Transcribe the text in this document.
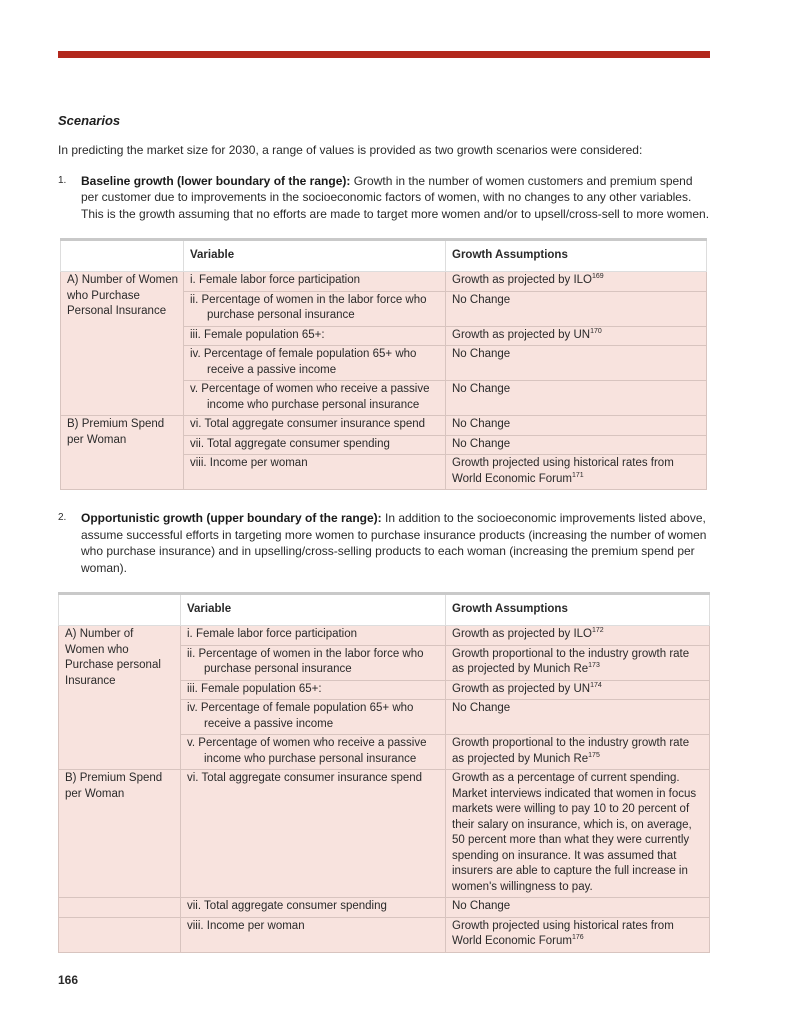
Scenarios
In predicting the market size for 2030, a range of values is provided as two growth scenarios were considered:
1. Baseline growth (lower boundary of the range): Growth in the number of women customers and premium spend per customer due to improvements in the socioeconomic factors of women, with no changes to any other variables. This is the growth assuming that no efforts are made to target more women and/or to upsell/cross-sell to more women.
	Variable	Growth Assumptions
A) Number of Women who Purchase Personal Insurance	i. Female labor force participation	Growth as projected by ILO$^{169}$

	ii. Percentage of women in the labor force who purchase personal insurance	No Change

	iii. Female population 65+:	Growth as projected by UN$^{170}$

	iv. Percentage of female population 65+ who receive a passive income	No Change

	v. Percentage of women who receive a passive income who purchase personal insurance	No Change
B) Premium Spend per Woman	vi. Total aggregate consumer insurance spend	No Change

	vii. Total aggregate consumer spending	No Change

	viii. Income per woman	Growth projected using historical rates from World Economic Forum$^{171}$
2. Opportunistic growth (upper boundary of the range): In addition to the socioeconomic improvements listed above, assume successful efforts in targeting more women to purchase insurance products (increasing the number of women who purchase insurance) and in upselling/cross-selling products to each woman (increasing the premium spend per woman).
	Variable	Growth Assumptions
A) Number of Women who Purchase personal Insurance	i. Female labor force participation	Growth as projected by ILO$^{172}$

	ii. Percentage of women in the labor force who purchase personal insurance	Growth proportional to the industry growth rate as projected by Munich Re$^{173}$

	iii. Female population 65+:	Growth as projected by UN$^{174}$

	iv. Percentage of female population 65+ who receive a passive income	No Change

	v. Percentage of women who receive a passive income who purchase personal insurance	Growth proportional to the industry growth rate as projected by Munich Re$^{175}$
B) Premium Spend per Woman	vi. Total aggregate consumer insurance spend	Growth as a percentage of current spending. Market interviews indicated that women in focus markets were willing to pay 10 to 20 percent of their salary on insurance, which is, on average, 50 percent more than what they were currently spending on insurance. It was assumed that insurers are able to capture the full increase in women's willingness to pay.

	vii. Total aggregate consumer spending	No Change

	viii. Income per woman	Growth projected using historical rates from World Economic Forum$^{176}$
166
